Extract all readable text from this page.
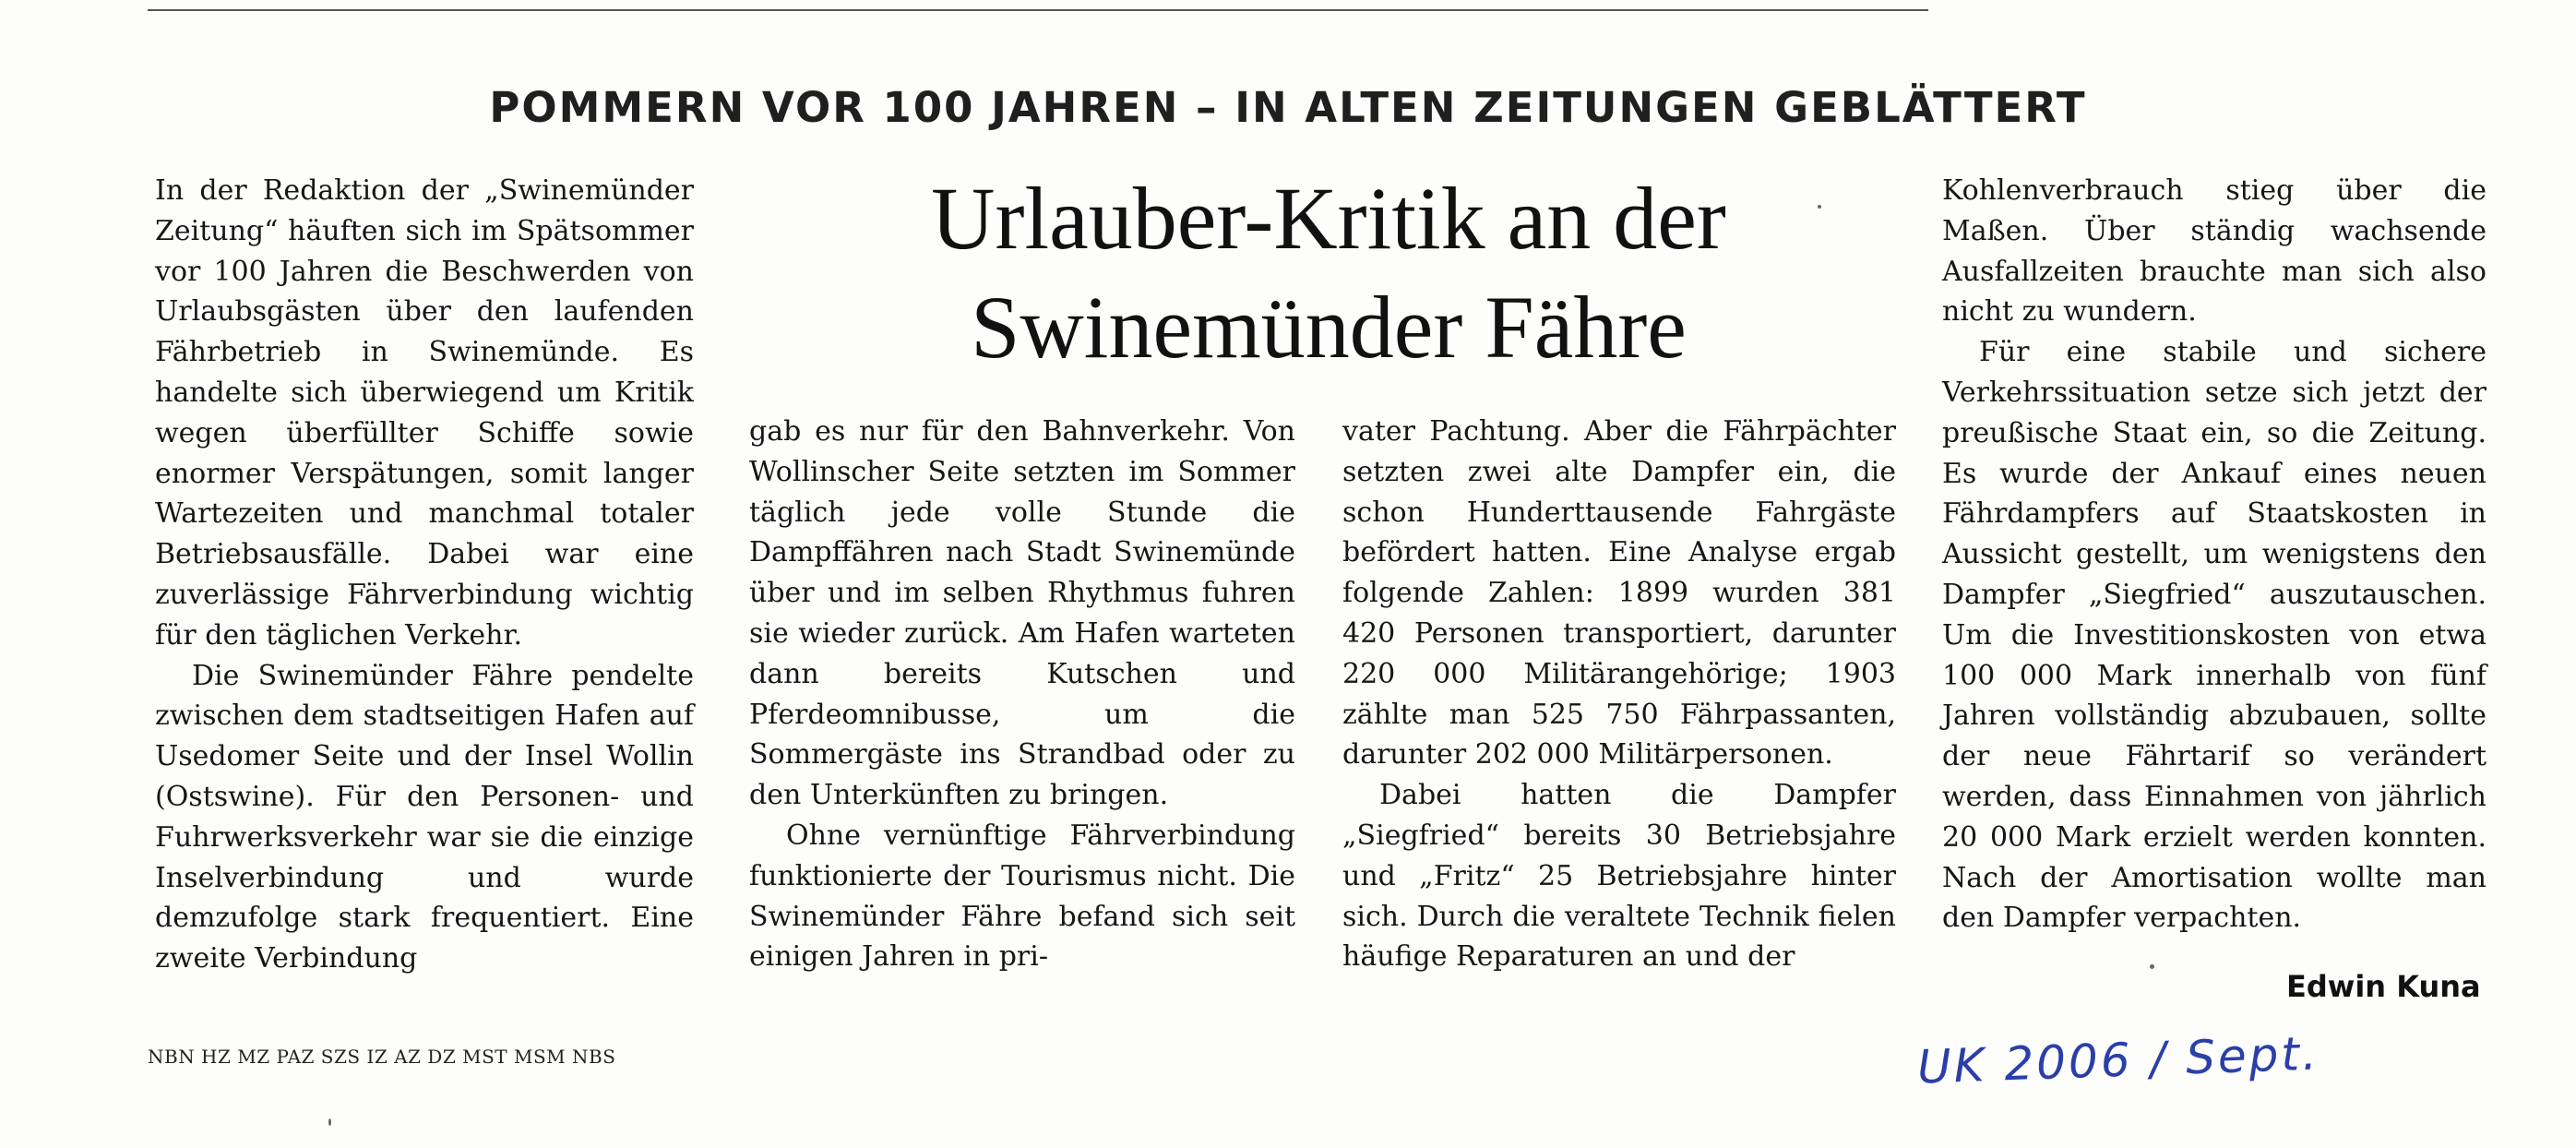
POMMERN VOR 100 JAHREN – IN ALTEN ZEITUNGEN GEBLÄTTERT
Urlauber-Kritik an der Swinemünder Fähre

In der Redaktion der „Swinemünder Zeitung“ häuften sich im Spätsommer vor 100 Jahren die Beschwerden von Urlaubsgästen über den laufenden Fährbetrieb in Swinemünde. Es handelte sich überwiegend um Kritik wegen überfüllter Schiffe sowie enormer Verspätungen, somit langer Wartezeiten und manchmal totaler Betriebsausfälle. Dabei war eine zuverlässige Fährverbindung wichtig für den täglichen Verkehr.

Die Swinemünder Fähre pendelte zwischen dem stadtseitigen Hafen auf Usedomer Seite und der Insel Wollin (Ostswine). Für den Personen- und Fuhrwerksverkehr war sie die einzige Inselverbindung und wurde demzufolge stark frequentiert. Eine zweite Verbindung

gab es nur für den Bahnverkehr. Von Wollinscher Seite setzten im Sommer täglich jede volle Stunde die Dampffähren nach Stadt Swinemünde über und im selben Rhythmus fuhren sie wieder zurück. Am Hafen warteten dann bereits Kutschen und Pferdeomnibusse, um die Sommergäste ins Strandbad oder zu den Unterkünften zu bringen.

Ohne vernünftige Fährverbindung funktionierte der Tourismus nicht. Die Swinemünder Fähre befand sich seit einigen Jahren in pri-

vater Pachtung. Aber die Fährpächter setzten zwei alte Dampfer ein, die schon Hunderttausende Fahrgäste befördert hatten. Eine Analyse ergab folgende Zahlen: 1899 wurden 381 420 Personen transportiert, darunter 220 000 Militärangehörige; 1903 zählte man 525 750 Fährpassanten, darunter 202 000 Militärpersonen.

Dabei hatten die Dampfer „Siegfried“ bereits 30 Betriebsjahre und „Fritz“ 25 Betriebsjahre hinter sich. Durch die veraltete Technik fielen häufige Reparaturen an und der

Kohlenverbrauch stieg über die Maßen. Über ständig wachsende Ausfallzeiten brauchte man sich also nicht zu wundern.

Für eine stabile und sichere Verkehrssituation setze sich jetzt der preußische Staat ein, so die Zeitung. Es wurde der Ankauf eines neuen Fährdampfers auf Staatskosten in Aussicht gestellt, um wenigstens den Dampfer „Siegfried“ auszutauschen. Um die Investitionskosten von etwa 100 000 Mark innerhalb von fünf Jahren vollständig abzubauen, sollte der neue Fährtarif so verändert werden, dass Einnahmen von jährlich 20 000 Mark erzielt werden konnten. Nach der Amortisation wollte man den Dampfer verpachten.

Edwin Kuna
NBN HZ MZ PAZ SZS IZ AZ DZ MST MSM NBS	UK 2006 / Sept.
